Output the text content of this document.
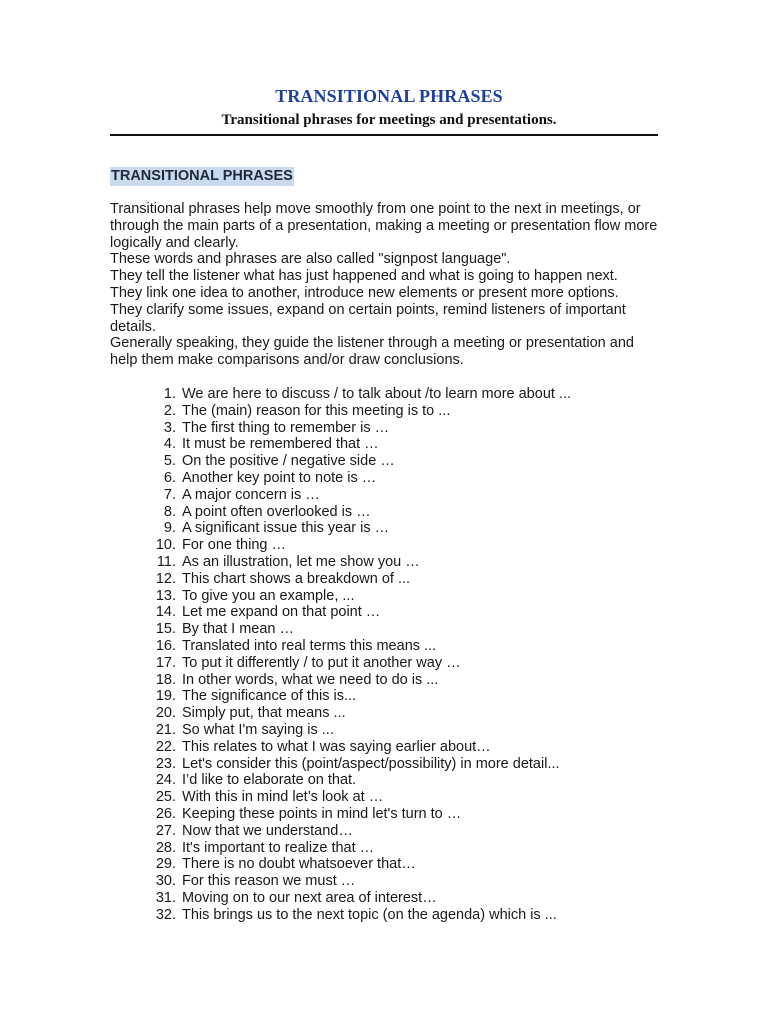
TRANSITIONAL PHRASES
Transitional phrases for meetings and presentations.
TRANSITIONAL PHRASES

Transitional phrases help move smoothly from one point to the next in meetings, or through the main parts of a presentation, making a meeting or presentation flow more logically and clearly.

These words and phrases are also called "signpost language".

They tell the listener what has just happened and what is going to happen next.

They link one idea to another, introduce new elements or present more options.

They clarify some issues, expand on certain points, remind listeners of important details.

Generally speaking, they guide the listener through a meeting or presentation and help them make comparisons and/or draw conclusions.

1. We are here to discuss / to talk about /to learn more about ...
2. The (main) reason for this meeting is to ...
3. The first thing to remember is …
4. It must be remembered that …
5. On the positive / negative side …
6. Another key point to note is …
7. A major concern is …
8. A point often overlooked is …
9. A significant issue this year is …
10. For one thing …
11. As an illustration, let me show you …
12. This chart shows a breakdown of ...
13. To give you an example, ...
14. Let me expand on that point …
15. By that I mean …
16. Translated into real terms this means ...
17. To put it differently / to put it another way …
18. In other words, what we need to do is ...
19. The significance of this is...
20. Simply put, that means ...
21. So what I'm saying is ...
22. This relates to what I was saying earlier about…
23. Let's consider this (point/aspect/possibility) in more detail...
24. I’d like to elaborate on that.
25. With this in mind let’s look at …
26. Keeping these points in mind let's turn to …
27. Now that we understand…
28. It's important to realize that …
29. There is no doubt whatsoever that…
30. For this reason we must …
31. Moving on to our next area of interest…
32. This brings us to the next topic (on the agenda) which is ...
